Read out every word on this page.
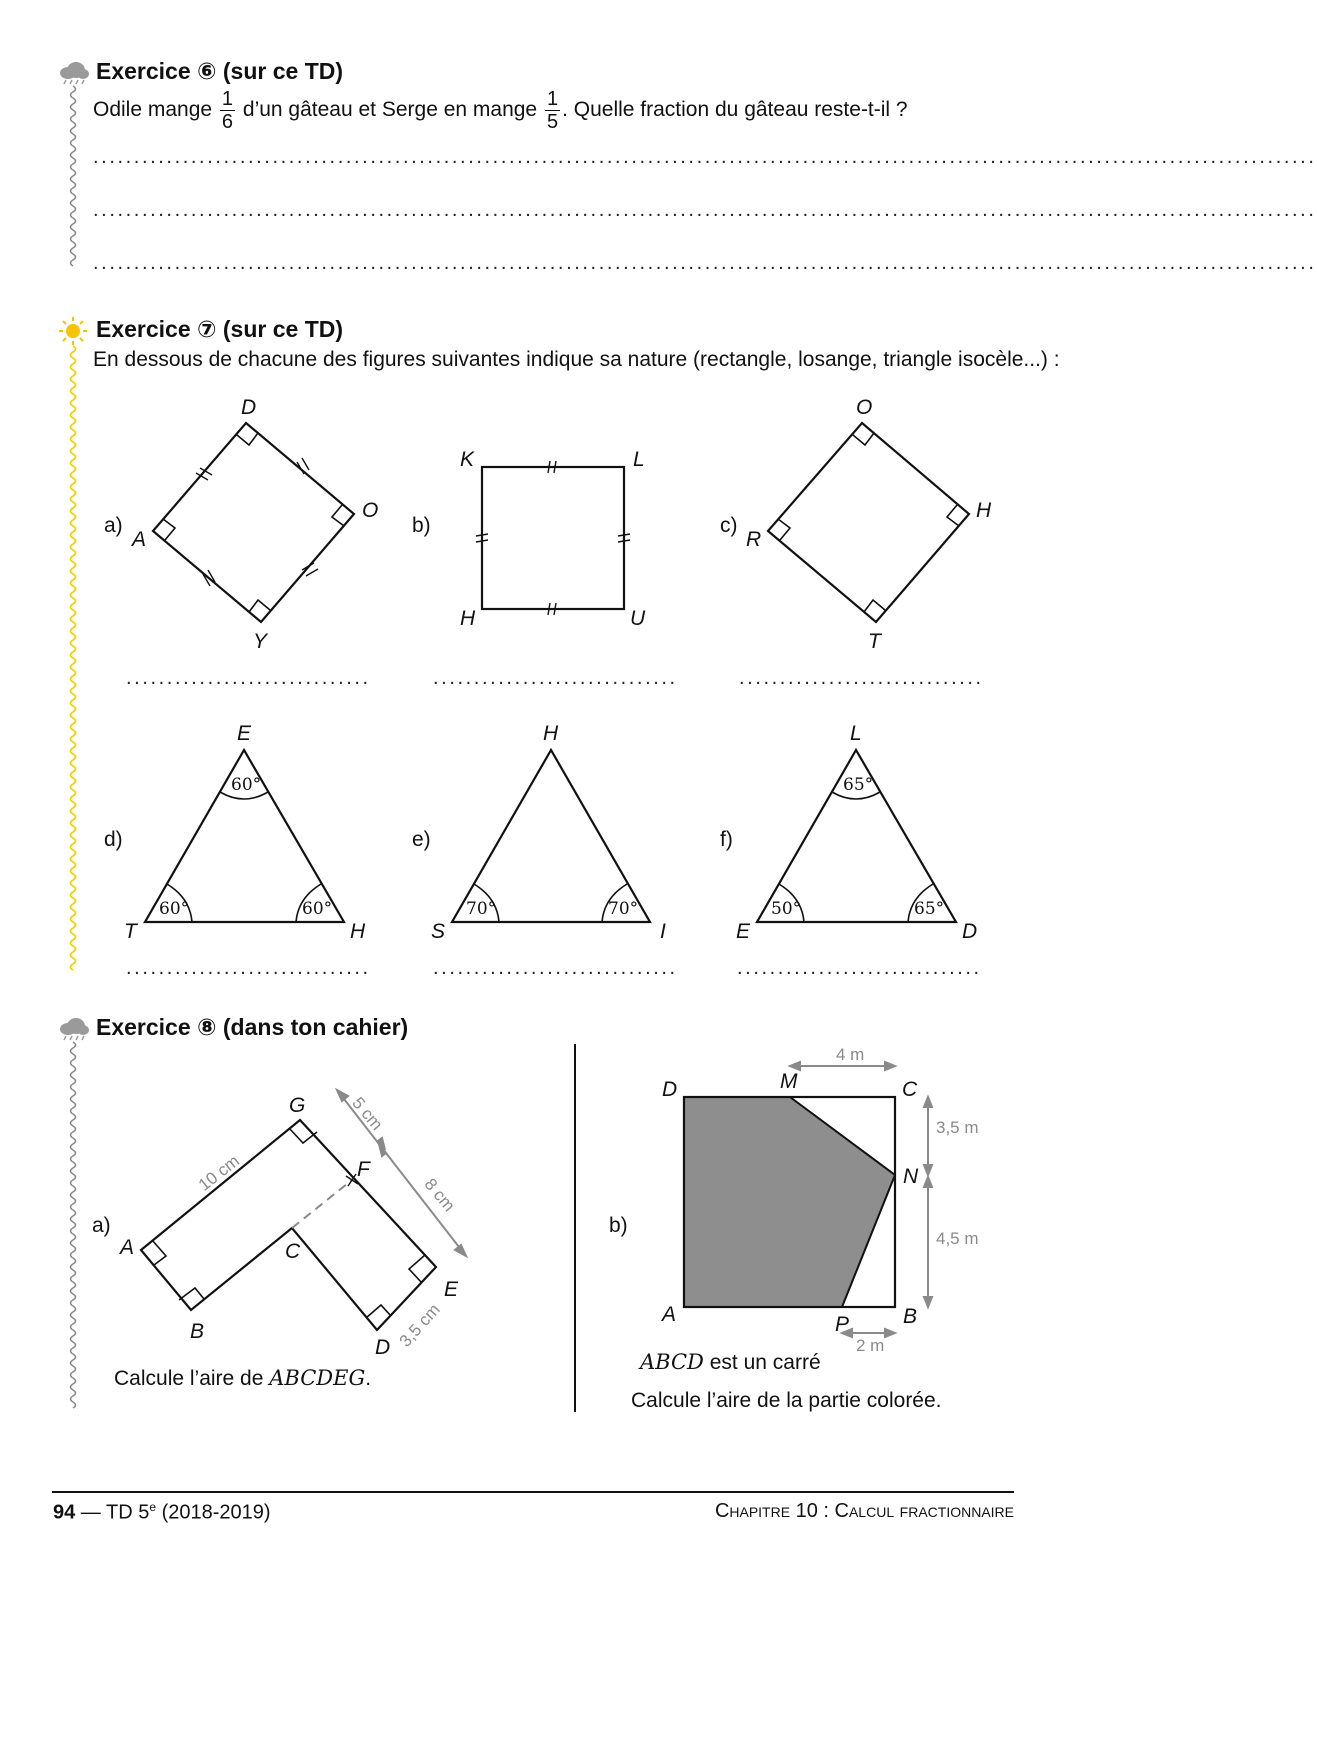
Exercice ⑥ (sur ce TD)
Odile mange $\frac{1}{6}$ d’un gâteau et Serge en mange $\frac{1}{5}$ . Quelle fraction du gâteau reste-t-il ?
......................................................................................................................................................
......................................................................................................................................................
......................................................................................................................................................
Exercice ⑦ (sur ce TD)
En dessous de chacune des figures suivantes indique sa nature (rectangle, losange, triangle isocèle...) :
a)	b)	c)
d)	e)	f)
D
O
Y
A
K	L
U
H
O
H
T
R
..............................	..............................	..............................
60°
60°	60°
E
T	H
70°	70°
H
S	I
65°
50°	65°
L
E	D
..............................	..............................	..............................
Exercice ⑧ (dans ton cahier)
a)
10 cm
5 cm
8 cm
3,5 cm
G
F
A	C
E
B
D
Calcule l’aire de ABCDEG.
b)
4 m
3,5 m
4,5 m
2 m
D	M	C
N
A	P	B
ABCD est un carré
Calcule l’aire de la partie colorée.
94 — TD 5e (2018-2019)	Chapitre 10 : Calcul fractionnaire
